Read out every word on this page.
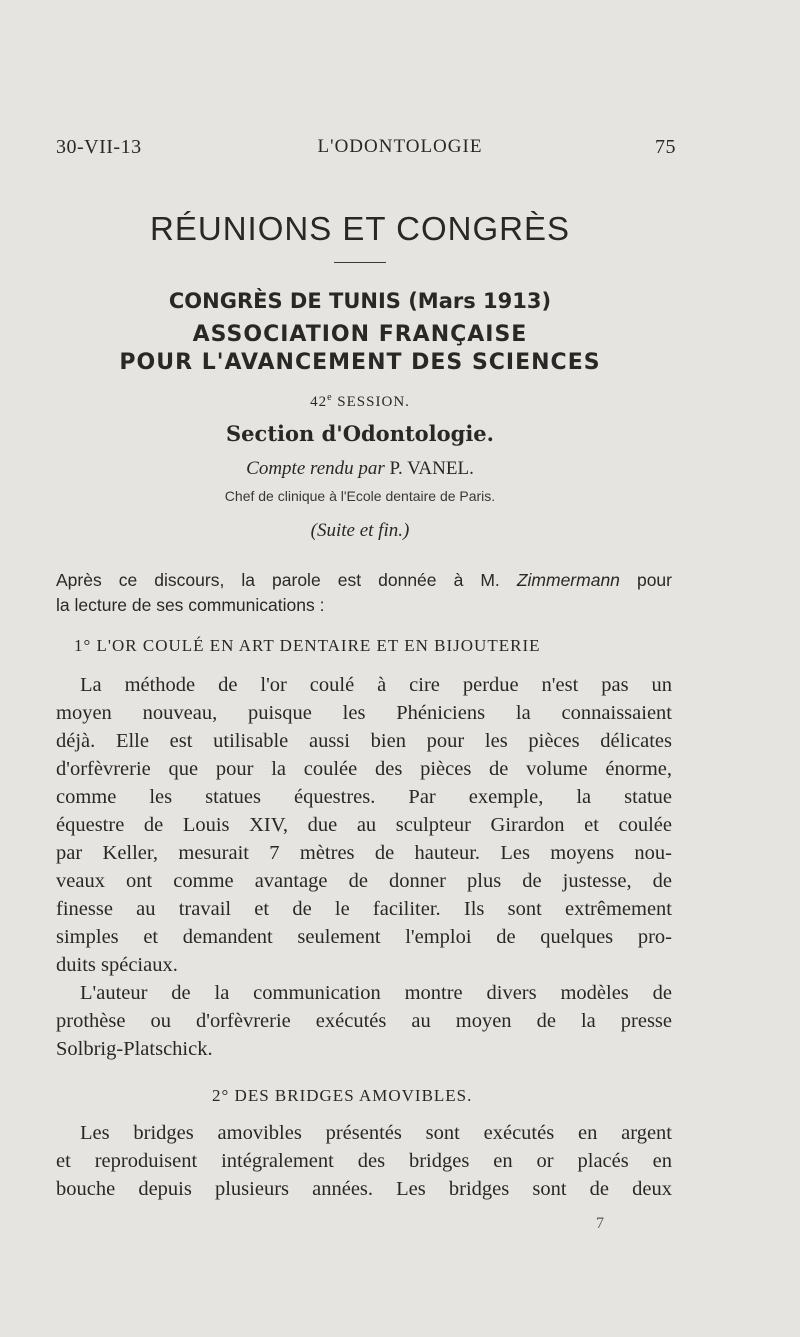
30-VII-13	L'ODONTOLOGIE	75
RÉUNIONS ET CONGRÈS
CONGRÈS DE TUNIS (Mars 1913)
ASSOCIATION FRANÇAISE
POUR L'AVANCEMENT DES SCIENCES
42e SESSION.
Section d'Odontologie.
Compte rendu par P. VANEL.
Chef de clinique à l'Ecole dentaire de Paris.
(Suite et fin.)
Après ce discours, la parole est donnée à M. Zimmermann pour
la lecture de ses communications :
1° L'OR COULÉ EN ART DENTAIRE ET EN BIJOUTERIE
La méthode de l'or coulé à cire perdue n'est pas un
moyen nouveau, puisque les Phéniciens la connaissaient
déjà. Elle est utilisable aussi bien pour les pièces délicates
d'orfèvrerie que pour la coulée des pièces de volume énorme,
comme les statues équestres. Par exemple, la statue
équestre de Louis XIV, due au sculpteur Girardon et coulée
par Keller, mesurait 7 mètres de hauteur. Les moyens nou-
veaux ont comme avantage de donner plus de justesse, de
finesse au travail et de le faciliter. Ils sont extrêmement
simples et demandent seulement l'emploi de quelques pro-
duits spéciaux.
L'auteur de la communication montre divers modèles de
prothèse ou d'orfèvrerie exécutés au moyen de la presse
Solbrig-Platschick.
2° DES BRIDGES AMOVIBLES.
Les bridges amovibles présentés sont exécutés en argent
et reproduisent intégralement des bridges en or placés en
bouche depuis plusieurs années. Les bridges sont de deux
7
